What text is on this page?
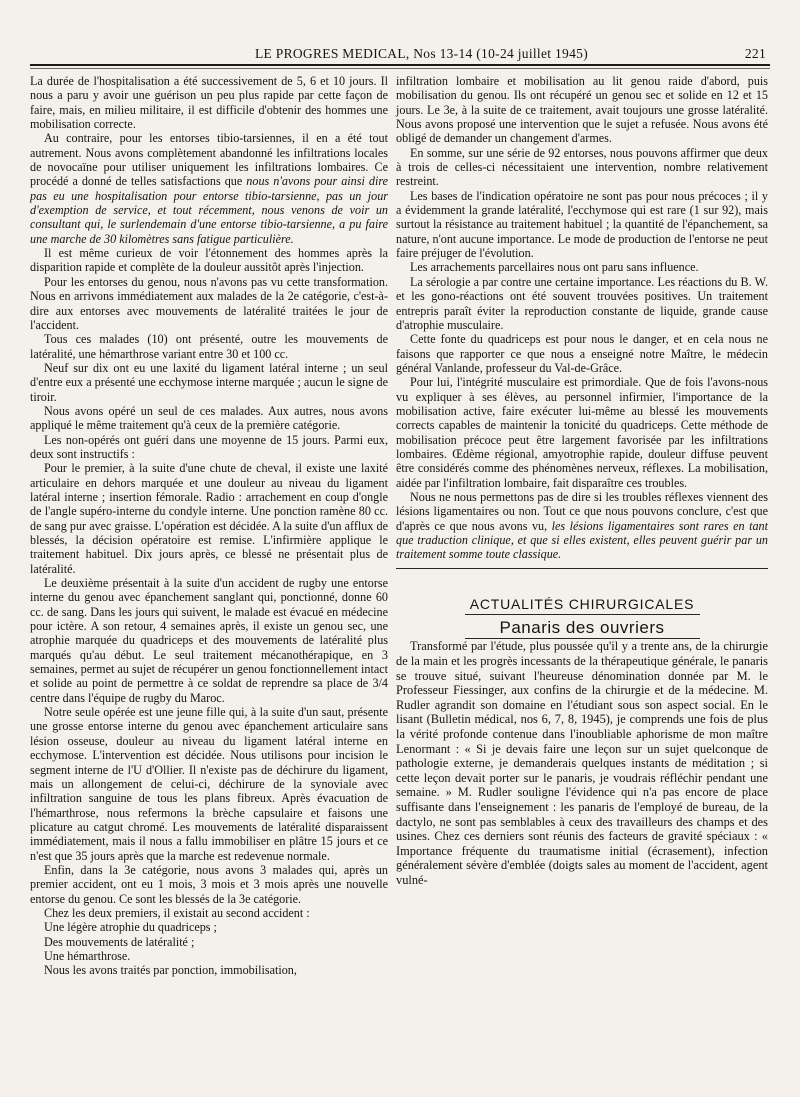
LE PROGRES MEDICAL, Nos 13-14 (10-24 juillet 1945)	221

La durée de l'hospitalisation a été successivement de 5, 6 et 10 jours. Il nous a paru y avoir une guérison un peu plus rapide par cette façon de faire, mais, en milieu militaire, il est difficile d'obtenir des hommes une mobilisation correcte.

Au contraire, pour les entorses tibio-tarsiennes, il en a été tout autrement. Nous avons complètement abandonné les infiltrations locales de novocaïne pour utiliser uniquement les infiltrations lombaires. Ce procédé a donné de telles satisfactions que nous n'avons pour ainsi dire pas eu une hospitalisation pour entorse tibio-tarsienne, pas un jour d'exemption de service, et tout récemment, nous venons de voir un consultant qui, le surlendemain d'une entorse tibio-tarsienne, a pu faire une marche de 30 kilomètres sans fatigue particulière.

Il est même curieux de voir l'étonnement des hommes après la disparition rapide et complète de la douleur aussitôt après l'injection.

Pour les entorses du genou, nous n'avons pas vu cette transformation. Nous en arrivons immédiatement aux malades de la 2e catégorie, c'est-à-dire aux entorses avec mouvements de latéralité traitées le jour de l'accident.

Tous ces malades (10) ont présenté, outre les mouvements de latéralité, une hémarthrose variant entre 30 et 100 cc.

Neuf sur dix ont eu une laxité du ligament latéral interne ; un seul d'entre eux a présenté une ecchymose interne marquée ; aucun le signe de tiroir.

Nous avons opéré un seul de ces malades. Aux autres, nous avons appliqué le même traitement qu'à ceux de la première catégorie.

Les non-opérés ont guéri dans une moyenne de 15 jours. Parmi eux, deux sont instructifs :

Pour le premier, à la suite d'une chute de cheval, il existe une laxité articulaire en dehors marquée et une douleur au niveau du ligament latéral interne ; insertion fémorale. Radio : arrachement en coup d'ongle de l'angle supéro-interne du condyle interne. Une ponction ramène 80 cc. de sang pur avec graisse. L'opération est décidée. A la suite d'un afflux de blessés, la décision opératoire est remise. L'infirmière applique le traitement habituel. Dix jours après, ce blessé ne présentait plus de latéralité.

Le deuxième présentait à la suite d'un accident de rugby une entorse interne du genou avec épanchement sanglant qui, ponctionné, donne 60 cc. de sang. Dans les jours qui suivent, le malade est évacué en médecine pour ictère. A son retour, 4 semaines après, il existe un genou sec, une atrophie marquée du quadriceps et des mouvements de latéralité plus marqués qu'au début. Le seul traitement mécanothérapique, en 3 semaines, permet au sujet de récupérer un genou fonctionnellement intact et solide au point de permettre à ce soldat de reprendre sa place de 3/4 centre dans l'équipe de rugby du Maroc.

Notre seule opérée est une jeune fille qui, à la suite d'un saut, présente une grosse entorse interne du genou avec épanchement articulaire sans lésion osseuse, douleur au niveau du ligament latéral interne en ecchymose. L'intervention est décidée. Nous utilisons pour incision le segment interne de l'U d'Ollier. Il n'existe pas de déchirure du ligament, mais un allongement de celui-ci, déchirure de la synoviale avec infiltration sanguine de tous les plans fibreux. Après évacuation de l'hémarthrose, nous refermons la brèche capsulaire et faisons une plicature au catgut chromé. Les mouvements de latéralité disparaissent immédiatement, mais il nous a fallu immobiliser en plâtre 15 jours et ce n'est que 35 jours après que la marche est redevenue normale.

Enfin, dans la 3e catégorie, nous avons 3 malades qui, après un premier accident, ont eu 1 mois, 3 mois et 3 mois après une nouvelle entorse du genou. Ce sont les blessés de la 3e catégorie.

Chez les deux premiers, il existait au second accident :

Une légère atrophie du quadriceps ;

Des mouvements de latéralité ;

Une hémarthrose.

Nous les avons traités par ponction, immobilisation,

infiltration lombaire et mobilisation au lit genou raide d'abord, puis mobilisation du genou. Ils ont récupéré un genou sec et solide en 12 et 15 jours. Le 3e, à la suite de ce traitement, avait toujours une grosse latéralité. Nous avons proposé une intervention que le sujet a refusée. Nous avons été obligé de demander un changement d'armes.

En somme, sur une série de 92 entorses, nous pouvons affirmer que deux à trois de celles-ci nécessitaient une intervention, nombre relativement restreint.

Les bases de l'indication opératoire ne sont pas pour nous précoces ; il y a évidemment la grande latéralité, l'ecchymose qui est rare (1 sur 92), mais surtout la résistance au traitement habituel ; la quantité de l'épanchement, sa nature, n'ont aucune importance. Le mode de production de l'entorse ne peut faire préjuger de l'évolution.

Les arrachements parcellaires nous ont paru sans influence.

La sérologie a par contre une certaine importance. Les réactions du B. W. et les gono-réactions ont été souvent trouvées positives. Un traitement entrepris paraît éviter la reproduction constante de liquide, grande cause d'atrophie musculaire.

Cette fonte du quadriceps est pour nous le danger, et en cela nous ne faisons que rapporter ce que nous a enseigné notre Maître, le médecin général Vanlande, professeur du Val-de-Grâce.

Pour lui, l'intégrité musculaire est primordiale. Que de fois l'avons-nous vu expliquer à ses élèves, au personnel infirmier, l'importance de la mobilisation active, faire exécuter lui-même au blessé les mouvements corrects capables de maintenir la tonicité du quadriceps. Cette méthode de mobilisation précoce peut être largement favorisée par les infiltrations lombaires. Œdème régional, amyotrophie rapide, douleur diffuse peuvent être considérés comme des phénomènes nerveux, réflexes. La mobilisation, aidée par l'infiltration lombaire, fait disparaître ces troubles.

Nous ne nous permettons pas de dire si les troubles réflexes viennent des lésions ligamentaires ou non. Tout ce que nous pouvons conclure, c'est que d'après ce que nous avons vu, les lésions ligamentaires sont rares en tant que traduction clinique, et que si elles existent, elles peuvent guérir par un traitement somme toute classique.

ACTUALITÉS CHIRURGICALES
Panaris des ouvriers

Transformé par l'étude, plus poussée qu'il y a trente ans, de la chirurgie de la main et les progrès incessants de la thérapeutique générale, le panaris se trouve situé, suivant l'heureuse dénomination donnée par M. le Professeur Fiessinger, aux confins de la chirurgie et de la médecine. M. Rudler agrandit son domaine en l'étudiant sous son aspect social. En le lisant (Bulletin médical, nos 6, 7, 8, 1945), je comprends une fois de plus la vérité profonde contenue dans l'inoubliable aphorisme de mon maître Lenormant : « Si je devais faire une leçon sur un sujet quelconque de pathologie externe, je demanderais quelques instants de méditation ; si cette leçon devait porter sur le panaris, je voudrais réfléchir pendant une semaine. » M. Rudler souligne l'évidence qui n'a pas encore de place suffisante dans l'enseignement : les panaris de l'employé de bureau, de la dactylo, ne sont pas semblables à ceux des travailleurs des champs et des usines. Chez ces derniers sont réunis des facteurs de gravité spéciaux : « Importance fréquente du traumatisme initial (écrasement), infection généralement sévère d'emblée (doigts sales au moment de l'accident, agent vulné-
